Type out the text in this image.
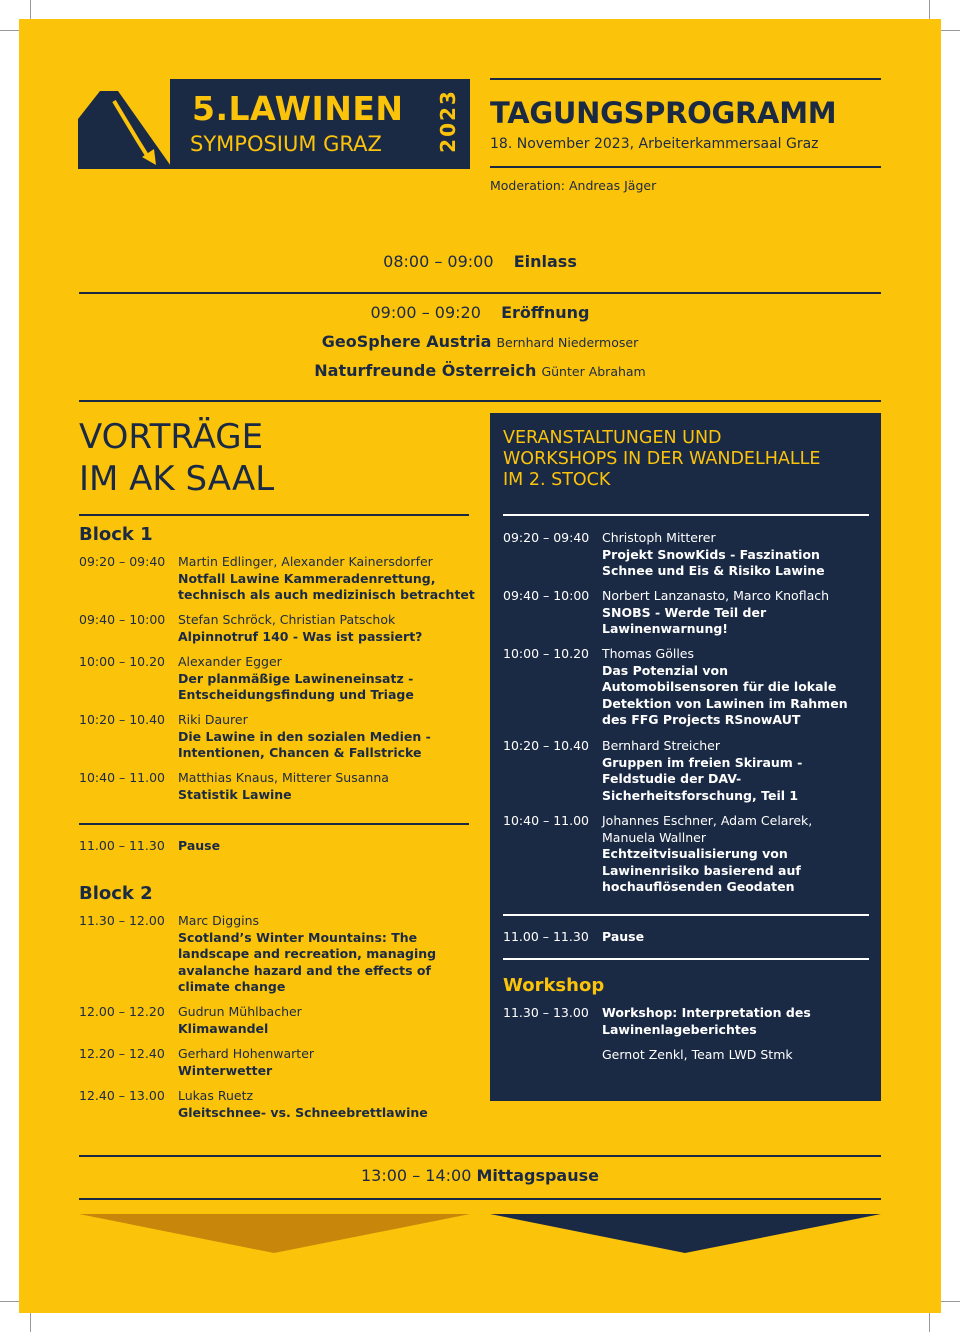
5.LAWINEN
SYMPOSIUM GRAZ	2023 TAGUNGSPROGRAMM
18. November 2023, Arbeiterkammersaal Graz
Moderation: Andreas Jäger
08:00 – 09:00 Einlass
09:00 – 09:20 Eröffnung
GeoSphere Austria Bernhard Niedermoser
Naturfreunde Österreich Günter Abraham
VORTRÄGE
IM AK SAAL
Block 1
09:20 – 09:40	Martin Edlinger, Alexander Kainersdorfer
Notfall Lawine Kammeradenrettung, technisch als auch medizinisch betrachtet
09:40 – 10:00	Stefan Schröck, Christian Patschok
Alpinnotruf 140 - Was ist passiert?
10:00 – 10.20	Alexander Egger
Der planmäßige Lawineneinsatz - Entscheidungsfindung und Triage
10:20 – 10.40	Riki Daurer
Die Lawine in den sozialen Medien - Intentionen, Chancen & Fallstricke
10:40 – 11.00	Matthias Knaus, Mitterer Susanna
Statistik Lawine
11.00 – 11.30	Pause
Block 2
11.30 – 12.00	Marc Diggins
Scotland’s Winter Mountains: The landscape and recreation, managing avalanche hazard and the effects of climate change
12.00 – 12.20	Gudrun Mühlbacher
Klimawandel
12.20 – 12.40	Gerhard Hohenwarter
Winterwetter
12.40 – 13.00	Lukas Ruetz
Gleitschnee- vs. Schneebrettlawine
VERANSTALTUNGEN UND
WORKSHOPS IN DER WANDELHALLE
IM 2. STOCK
09:20 – 09:40	Christoph Mitterer
Projekt SnowKids - Faszination Schnee und Eis & Risiko Lawine
09:40 – 10:00	Norbert Lanzanasto, Marco Knoflach
SNOBS - Werde Teil der Lawinenwarnung!
10:00 – 10.20	Thomas Gölles
Das Potenzial von Automobilsensoren für die lokale Detektion von Lawinen im Rahmen des FFG Projects RSnowAUT
10:20 – 10.40	Bernhard Streicher
Gruppen im freien Skiraum - Feldstudie der DAV-Sicherheitsforschung, Teil 1
10:40 – 11.00	Johannes Eschner, Adam Celarek, Manuela Wallner
Echtzeitvisualisierung von Lawinenrisiko basierend auf hochauflösenden Geodaten
11.00 – 11.30	Pause
Workshop
11.30 – 13.00	Workshop: Interpretation des Lawinenlageberichtes
Gernot Zenkl, Team LWD Stmk
13:00 – 14:00 Mittagspause
